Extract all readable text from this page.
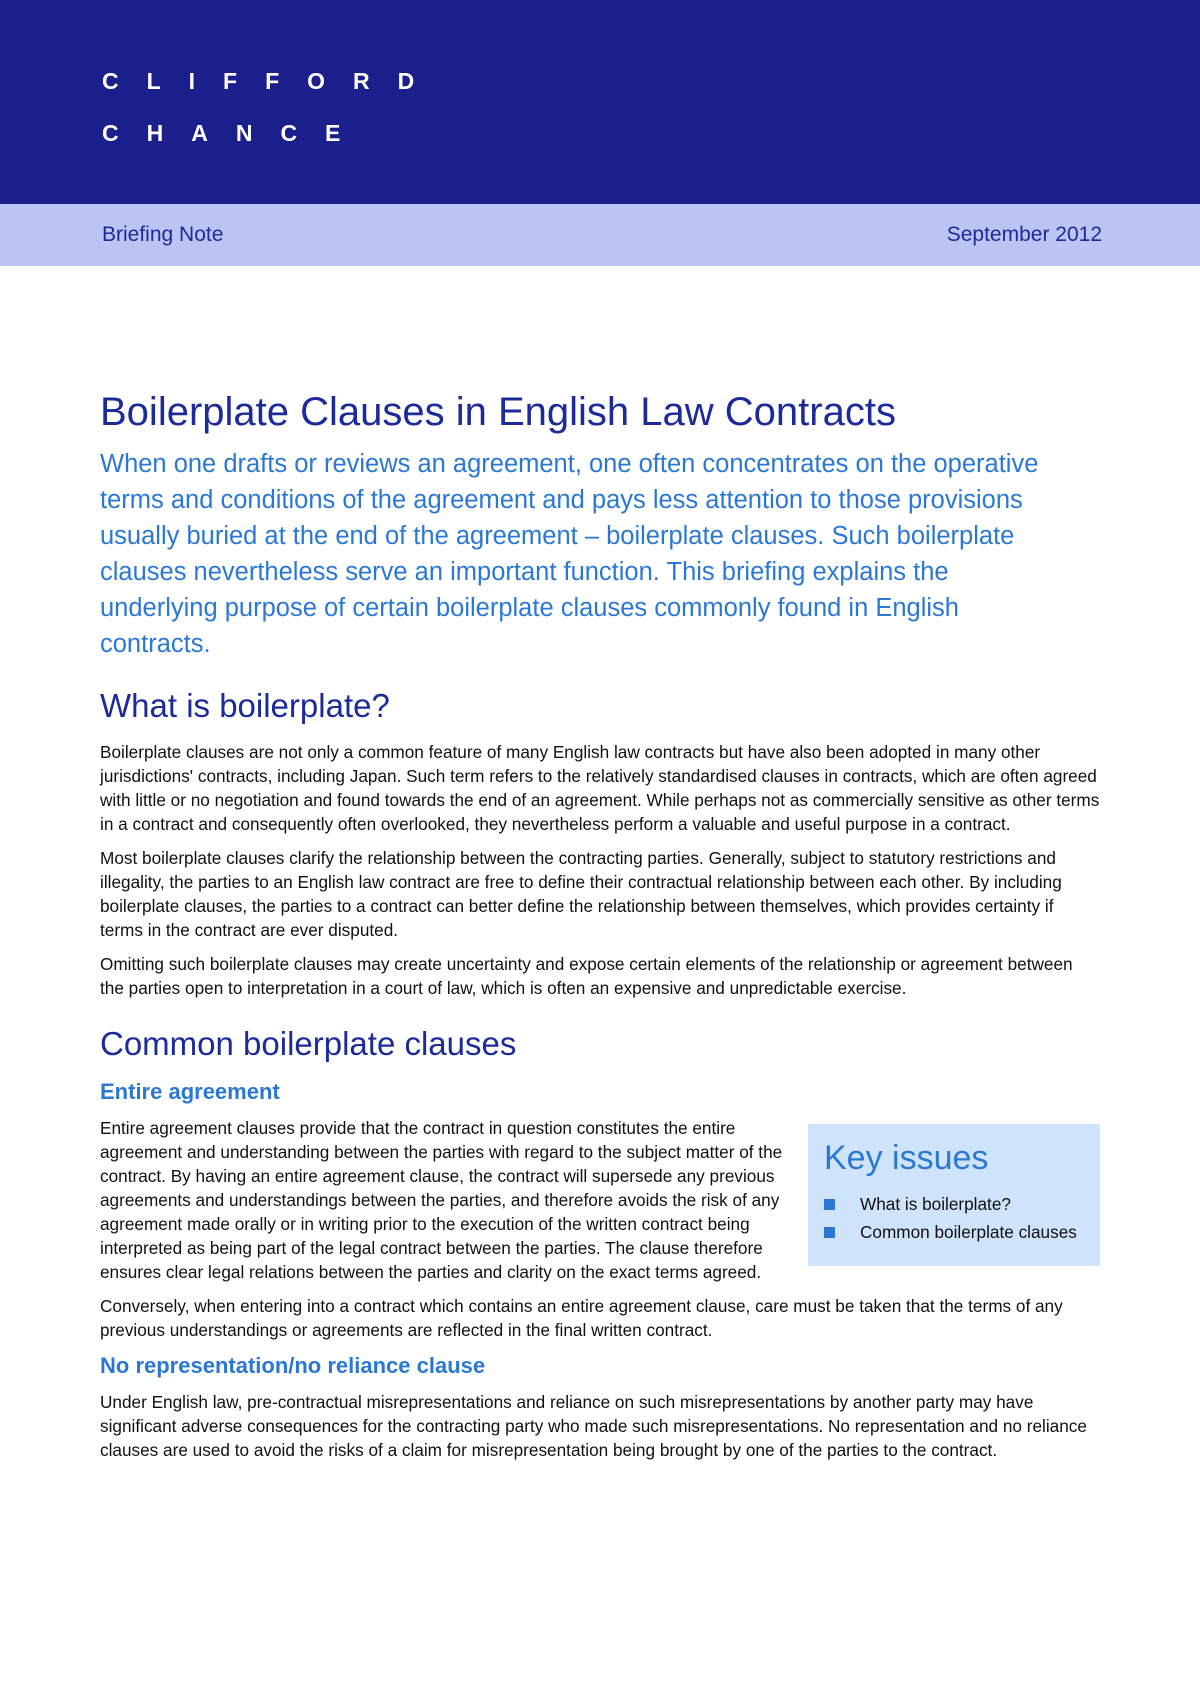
CLIFFORD
CHANCE
Briefing Note	September 2012
Boilerplate Clauses in English Law Contracts

When one drafts or reviews an agreement, one often concentrates on the operative terms and conditions of the agreement and pays less attention to those provisions usually buried at the end of the agreement – boilerplate clauses. Such boilerplate clauses nevertheless serve an important function. This briefing explains the underlying purpose of certain boilerplate clauses commonly found in English contracts.

What is boilerplate?

Boilerplate clauses are not only a common feature of many English law contracts but have also been adopted in many other jurisdictions' contracts, including Japan. Such term refers to the relatively standardised clauses in contracts, which are often agreed with little or no negotiation and found towards the end of an agreement. While perhaps not as commercially sensitive as other terms in a contract and consequently often overlooked, they nevertheless perform a valuable and useful purpose in a contract.

Most boilerplate clauses clarify the relationship between the contracting parties. Generally, subject to statutory restrictions and illegality, the parties to an English law contract are free to define their contractual relationship between each other. By including boilerplate clauses, the parties to a contract can better define the relationship between themselves, which provides certainty if terms in the contract are ever disputed.

Omitting such boilerplate clauses may create uncertainty and expose certain elements of the relationship or agreement between the parties open to interpretation in a court of law, which is often an expensive and unpredictable exercise.

Common boilerplate clauses
Entire agreement
Key issues
What is boilerplate?
Common boilerplate clauses

Entire agreement clauses provide that the contract in question constitutes the entire agreement and understanding between the parties with regard to the subject matter of the contract. By having an entire agreement clause, the contract will supersede any previous agreements and understandings between the parties, and therefore avoids the risk of any agreement made orally or in writing prior to the execution of the written contract being interpreted as being part of the legal contract between the parties. The clause therefore ensures clear legal relations between the parties and clarity on the exact terms agreed.

Conversely, when entering into a contract which contains an entire agreement clause, care must be taken that the terms of any previous understandings or agreements are reflected in the final written contract.

No representation/no reliance clause

Under English law, pre-contractual misrepresentations and reliance on such misrepresentations by another party may have significant adverse consequences for the contracting party who made such misrepresentations. No representation and no reliance clauses are used to avoid the risks of a claim for misrepresentation being brought by one of the parties to the contract.
